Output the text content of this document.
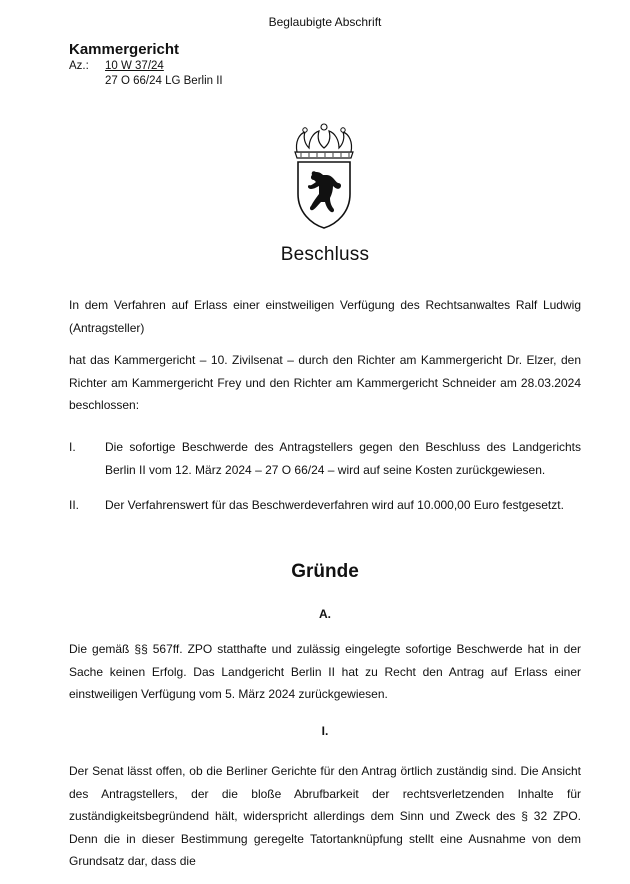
Beglaubigte Abschrift
Kammergericht
Az.:	10 W 37/24
27 O 66/24 LG Berlin II
Beschluss
In dem Verfahren auf Erlass einer einstweiligen Verfügung des Rechtsanwaltes Ralf Ludwig (Antragsteller)
hat das Kammergericht – 10. Zivilsenat – durch den Richter am Kammergericht Dr. Elzer, den Richter am Kammergericht Frey und den Richter am Kammergericht Schneider am 28.03.2024 beschlossen:
I.	Die sofortige Beschwerde des Antragstellers gegen den Beschluss des Landgerichts Berlin II vom 12. März 2024 – 27 O 66/24 – wird auf seine Kosten zurückgewiesen.
II.	Der Verfahrenswert für das Beschwerdeverfahren wird auf 10.000,00 Euro festgesetzt.
Gründe
A.
Die gemäß §§ 567ff. ZPO statthafte und zulässig eingelegte sofortige Beschwerde hat in der Sache keinen Erfolg. Das Landgericht Berlin II hat zu Recht den Antrag auf Erlass einer einstweiligen Verfügung vom 5. März 2024 zurückgewiesen.
I.
Der Senat lässt offen, ob die Berliner Gerichte für den Antrag örtlich zuständig sind. Die Ansicht des Antragstellers, der die bloße Abrufbarkeit der rechtsverletzenden Inhalte für zuständigkeitsbegründend hält, widerspricht allerdings dem Sinn und Zweck des § 32 ZPO. Denn die in dieser Bestimmung geregelte Tatortanknüpfung stellt eine Ausnahme von dem Grundsatz dar, dass die
